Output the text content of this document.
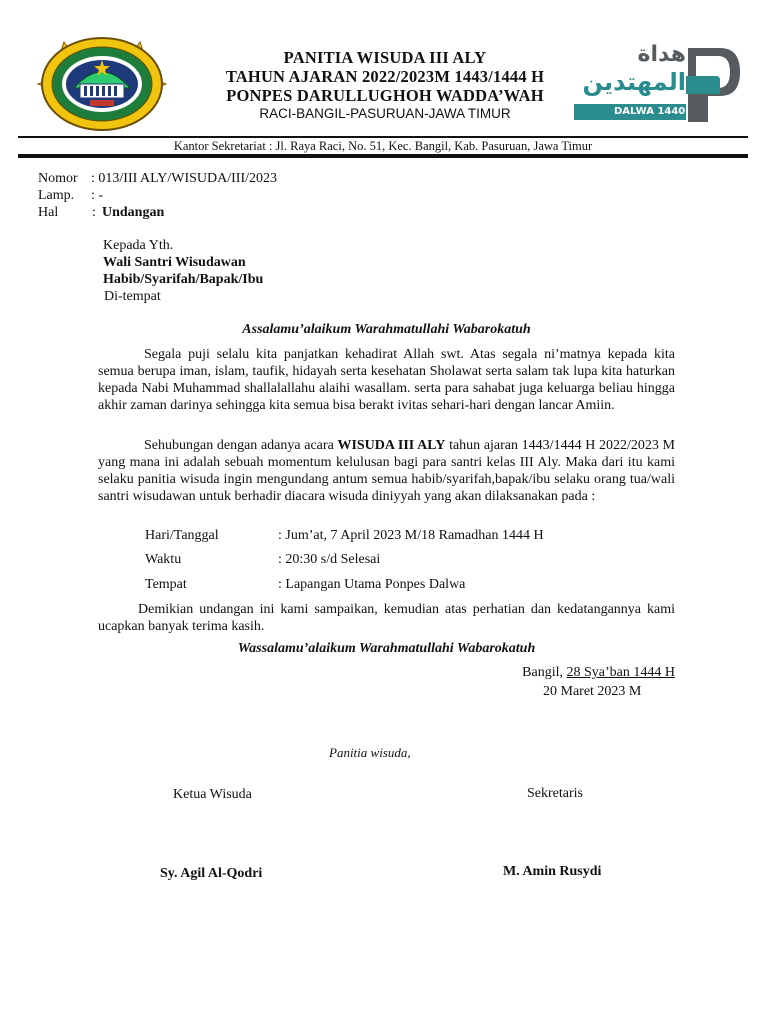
PANITIA WISUDA III ALY
TAHUN AJARAN 2022/2023M 1443/1444 H
PONPES DARULLUGHOH WADDA’WAH
RACI-BANGIL-PASURUAN-JAWA TIMUR
هداة
المهتدين
DALWA 1440
Kantor Sekretariat : Jl. Raya Raci, No. 51, Kec. Bangil, Kab. Pasuruan, Jawa Timur
Nomor : 013/III ALY/WISUDA/III/2023
Lamp. : -
Hal : Undangan
Kepada Yth.
Wali Santri Wisudawan
Habib/Syarifah/Bapak/Ibu
Di-tempat
Assalamu’alaikum Warahmatullahi Wabarokatuh
Segala puji selalu kita panjatkan kehadirat Allah swt. Atas segala ni’matnya kepada kita semua berupa iman, islam, taufik, hidayah serta kesehatan Sholawat serta salam tak lupa kita haturkan kepada Nabi Muhammad shallalallahu alaihi wasallam. serta para sahabat juga keluarga beliau hingga akhir zaman darinya sehingga kita semua bisa berakt ivitas sehari-hari dengan lancar Amiin.
Sehubungan dengan adanya acara WISUDA III ALY tahun ajaran 1443/1444 H 2022/2023 M yang mana ini adalah sebuah momentum kelulusan bagi para santri kelas III Aly. Maka dari itu kami selaku panitia wisuda ingin mengundang antum semua habib/syarifah,bapak/ibu selaku orang tua/wali santri wisudawan untuk berhadir diacara wisuda diniyyah yang akan dilaksanakan pada :
Hari/Tanggal	: Jum’at, 7 April 2023 M/18 Ramadhan 1444 H
Waktu	: 20:30 s/d Selesai
Tempat	: Lapangan Utama Ponpes Dalwa
Demikian undangan ini kami sampaikan, kemudian atas perhatian dan kedatangannya kami ucapkan banyak terima kasih.
Wassalamu’alaikum Warahmatullahi Wabarokatuh
Bangil, 28 Sya’ban 1444 H
20 Maret 2023 M
Panitia wisuda,
Ketua Wisuda	Sekretaris
Sy. Agil Al-Qodri	M. Amin Rusydi
